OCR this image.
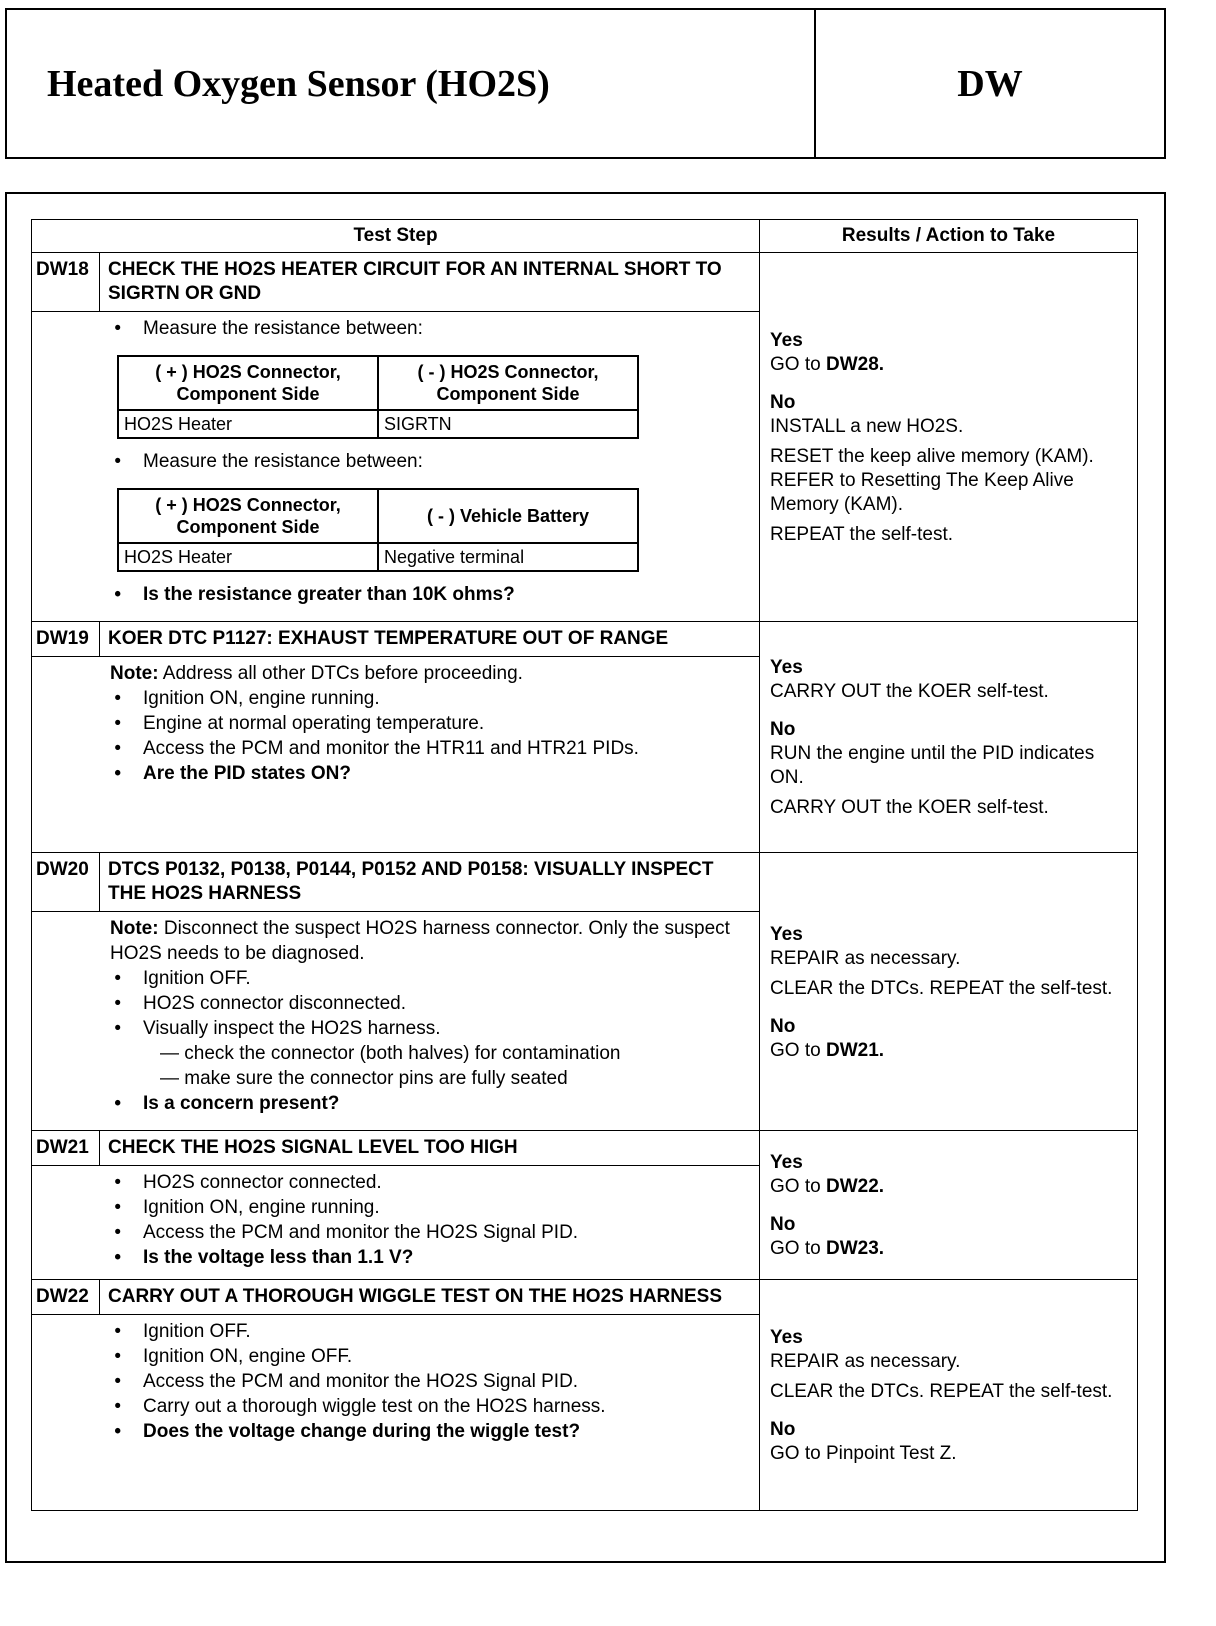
Heated Oxygen Sensor (HO2S)	DW
Test Step	Results / Action to Take
DW18	CHECK THE HO2S HEATER CIRCUIT FOR AN INTERNAL SHORT TO SIGRTN OR GND
•	Measure the resistance between:
( + ) HO2S Connector, Component Side	( - ) HO2S Connector, Component Side
HO2S Heater	SIGRTN
•	Measure the resistance between:
( + ) HO2S Connector, Component Side	( - ) Vehicle Battery
HO2S Heater	Negative terminal
•	Is the resistance greater than 10K ohms?
Yes
GO to DW28.
No
INSTALL a new HO2S.
RESET the keep alive memory (KAM). REFER to Resetting The Keep Alive Memory (KAM).
REPEAT the self-test.
DW19	KOER DTC P1127: EXHAUST TEMPERATURE OUT OF RANGE
Note: Address all other DTCs before proceeding.
•	Ignition ON, engine running.
•	Engine at normal operating temperature.
•	Access the PCM and monitor the HTR11 and HTR21 PIDs.
•	Are the PID states ON?
Yes
CARRY OUT the KOER self-test.
No
RUN the engine until the PID indicates ON.
CARRY OUT the KOER self-test.
DW20	DTCS P0132, P0138, P0144, P0152 AND P0158: VISUALLY INSPECT THE HO2S HARNESS
Note: Disconnect the suspect HO2S harness connector. Only the suspect HO2S needs to be diagnosed.
•	Ignition OFF.
•	HO2S connector disconnected.
•	Visually inspect the HO2S harness.
— check the connector (both halves) for contamination
— make sure the connector pins are fully seated
•	Is a concern present?
Yes
REPAIR as necessary.
CLEAR the DTCs. REPEAT the self-test.
No
GO to DW21.
DW21	CHECK THE HO2S SIGNAL LEVEL TOO HIGH
•	HO2S connector connected.
•	Ignition ON, engine running.
•	Access the PCM and monitor the HO2S Signal PID.
•	Is the voltage less than 1.1 V?
Yes
GO to DW22.
No
GO to DW23.
DW22	CARRY OUT A THOROUGH WIGGLE TEST ON THE HO2S HARNESS
•	Ignition OFF.
•	Ignition ON, engine OFF.
•	Access the PCM and monitor the HO2S Signal PID.
•	Carry out a thorough wiggle test on the HO2S harness.
•	Does the voltage change during the wiggle test?
Yes
REPAIR as necessary.
CLEAR the DTCs. REPEAT the self-test.
No
GO to Pinpoint Test Z.
